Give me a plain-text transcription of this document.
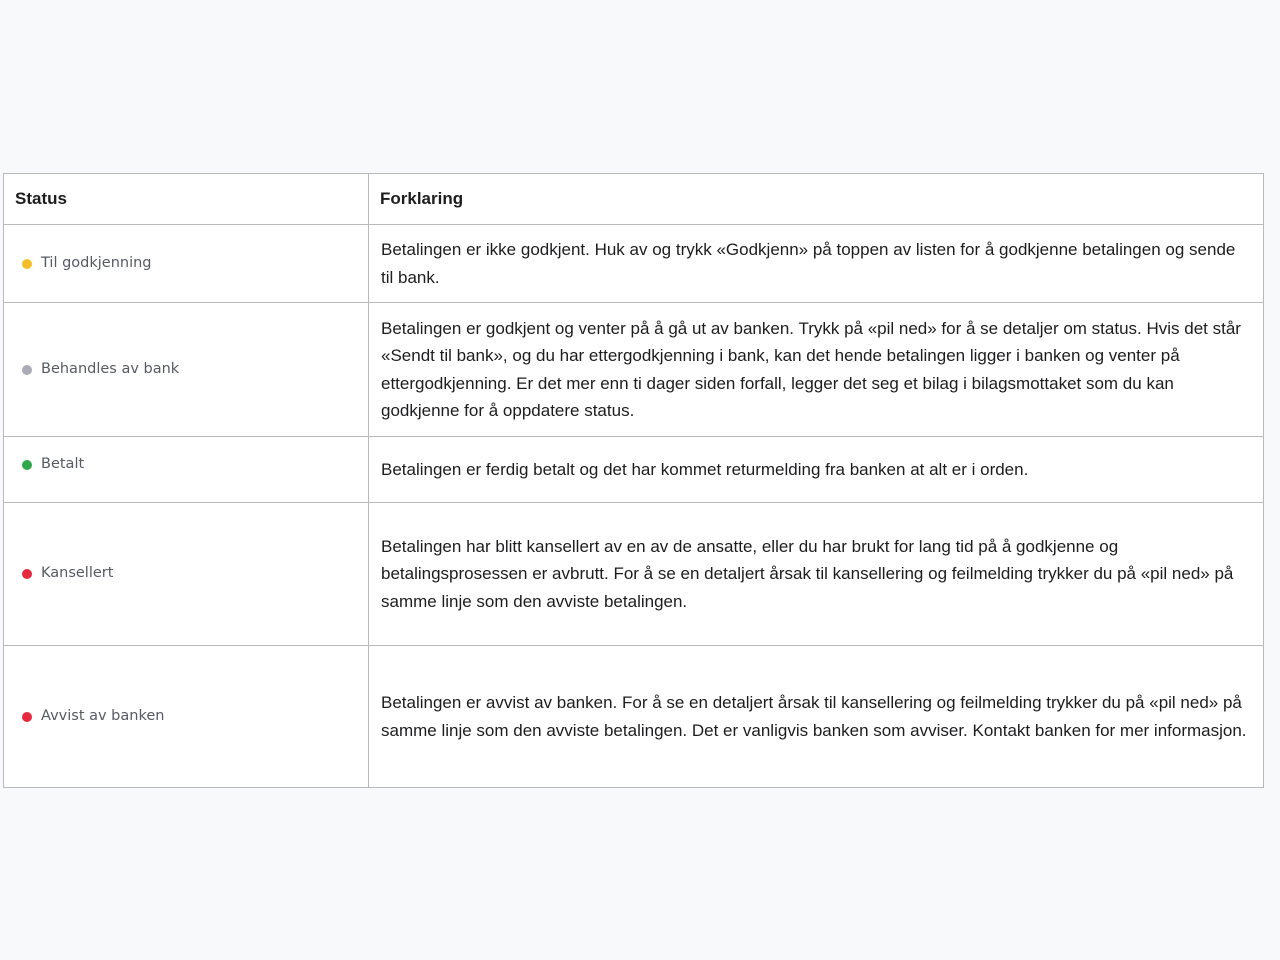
Status	Forklaring

Til godkjenning	Betalingen er ikke godkjent. Huk av og trykk «Godkjenn» på toppen av listen for å godkjenne betalingen og sende til bank.

Behandles av bank	Betalingen er godkjent og venter på å gå ut av banken. Trykk på «pil ned» for å se detaljer om status. Hvis det står «Sendt til bank», og du har ettergodkjenning i bank, kan det hende betalingen ligger i banken og venter på ettergodkjenning. Er det mer enn ti dager siden forfall, legger det seg et bilag i bilagsmottaket som du kan godkjenne for å oppdatere status.

Betalt	Betalingen er ferdig betalt og det har kommet returmelding fra banken at alt er i orden.

Kansellert	Betalingen har blitt kansellert av en av de ansatte, eller du har brukt for lang tid på å godkjenne og betalingsprosessen er avbrutt. For å se en detaljert årsak til kansellering og feilmelding trykker du på «pil ned» på samme linje som den avviste betalingen.

Avvist av banken	Betalingen er avvist av banken. For å se en detaljert årsak til kansellering og feilmelding trykker du på «pil ned» på samme linje som den avviste betalingen. Det er vanligvis banken som avviser. Kontakt banken for mer informasjon.
